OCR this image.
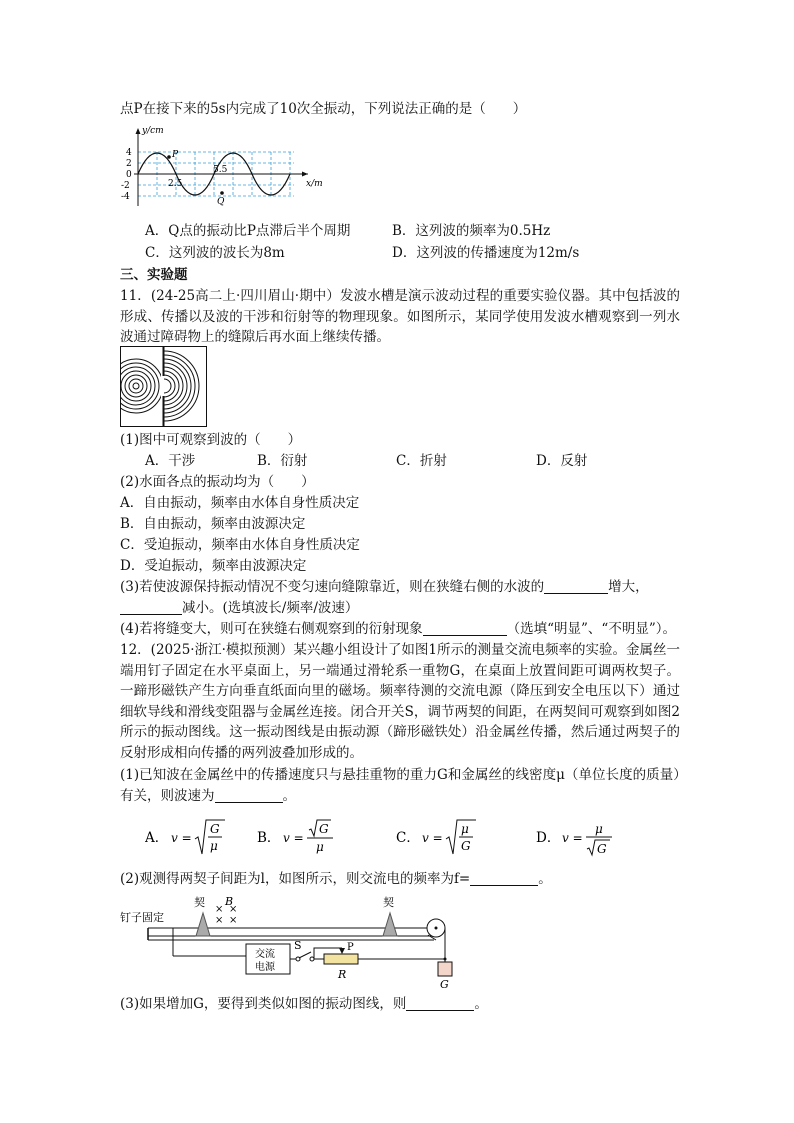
点P在接下来的5s内完成了10次全振动，下列说法正确的是（　　）
y/cm
x/m
4
2
0
-2
-4
2.5
5.5
P
Q
A．Q点的振动比P点滞后半个周期	B．这列波的频率为0.5Hz
C．这列波的波长为8m	D．这列波的传播速度为12m/s
三、实验题
11．(24-25高二上·四川眉山·期中）发波水槽是演示波动过程的重要实验仪器。其中包括波的形成、传播以及波的干涉和衍射等的物理现象。如图所示，某同学使用发波水槽观察到一列水波通过障碍物上的缝隙后再水面上继续传播。
(1)图中可观察到波的（　　）
A．干涉	B．衍射	C．折射	D．反射
(2)水面各点的振动均为（　　）
A．自由振动，频率由水体自身性质决定
B．自由振动，频率由波源决定
C．受迫振动，频率由水体自身性质决定
D．受迫振动，频率由波源决定
(3)若使波源保持振动情况不变匀速向缝隙靠近，则在狭缝右侧的水波的	增大，
减小。(选填波长/频率/波速）
(4)若将缝变大，则可在狭缝右侧观察到的衍射现象	（选填“明显”、“不明显”）。
12．(2025·浙江·模拟预测）某兴趣小组设计了如图1所示的测量交流电频率的实验。金属丝一端用钉子固定在水平桌面上，另一端通过滑轮系一重物G，在桌面上放置间距可调两枚契子。一蹄形磁铁产生方向垂直纸面向里的磁场。频率待测的交流电源（降压到安全电压以下）通过细软导线和滑线变阻器与金属丝连接。闭合开关S，调节两契的间距，在两契间可观察到如图2所示的振动图线。这一振动图线是由振动源（蹄形磁铁处）沿金属丝传播，然后通过两契子的反射形成相向传播的两列波叠加形成的。
(1)已知波在金属丝中的传播速度只与悬挂重物的重力G和金属丝的线密度μ（单位长度的质量）有关，则波速为	。
A． v =
G
μ	B． v =
G
μ
C． v =
μ
G	D． v =
μ
G
(2)观测得两契子间距为l，如图所示，则交流电的频率为f=	。
钉子固定
契	契
B
× ×
× ×
G
交流
电源
S
R
P
(3)如果增加G，要得到类似如图的振动图线，则	。
